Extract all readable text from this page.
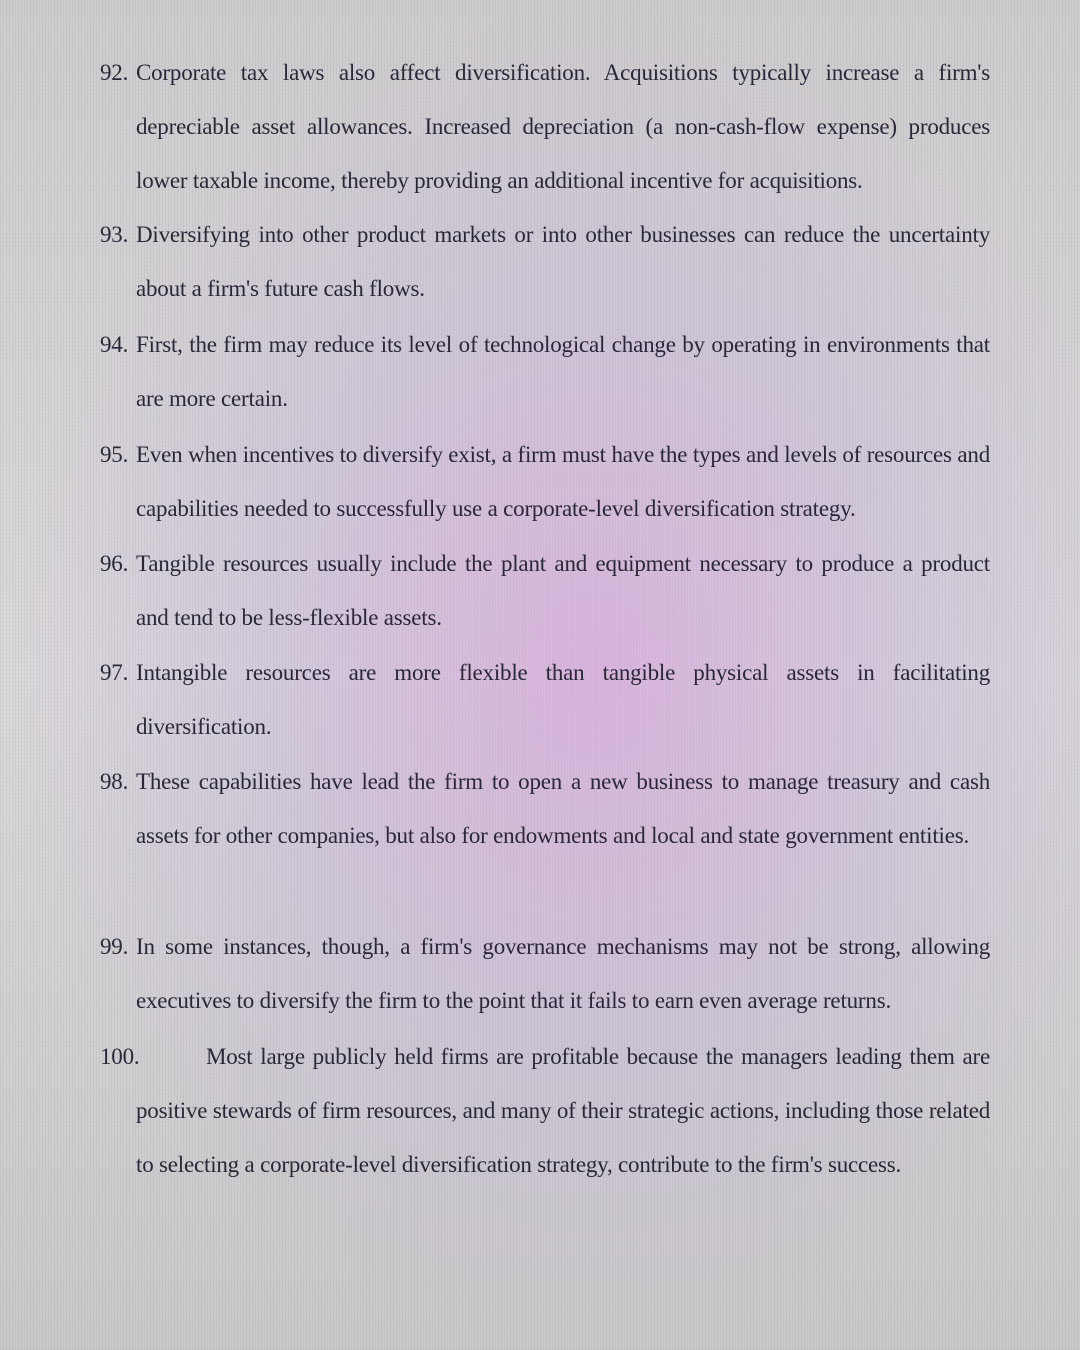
92. Corporate tax laws also affect diversification. Acquisitions typically increase a firm's depreciable asset allowances. Increased depreciation (a non-cash-flow expense) produces lower taxable income, thereby providing an additional incentive for acquisitions.

93. Diversifying into other product markets or into other businesses can reduce the uncertainty about a firm's future cash flows.

94. First, the firm may reduce its level of technological change by operating in environments that are more certain.

95. Even when incentives to diversify exist, a firm must have the types and levels of resources and capabilities needed to successfully use a corporate-level diversification strategy.

96. Tangible resources usually include the plant and equipment necessary to produce a product and tend to be less-flexible assets.

97. Intangible resources are more flexible than tangible physical assets in facilitating diversification.

98. These capabilities have lead the firm to open a new business to manage treasury and cash assets for other companies, but also for endowments and local and state government entities.

99. In some instances, though, a firm's governance mechanisms may not be strong, allowing executives to diversify the firm to the point that it fails to earn even average returns.

100.	Most large publicly held firms are profitable because the managers leading them are positive stewards of firm resources, and many of their strategic actions, including those related to selecting a corporate-level diversification strategy, contribute to the firm's success.
